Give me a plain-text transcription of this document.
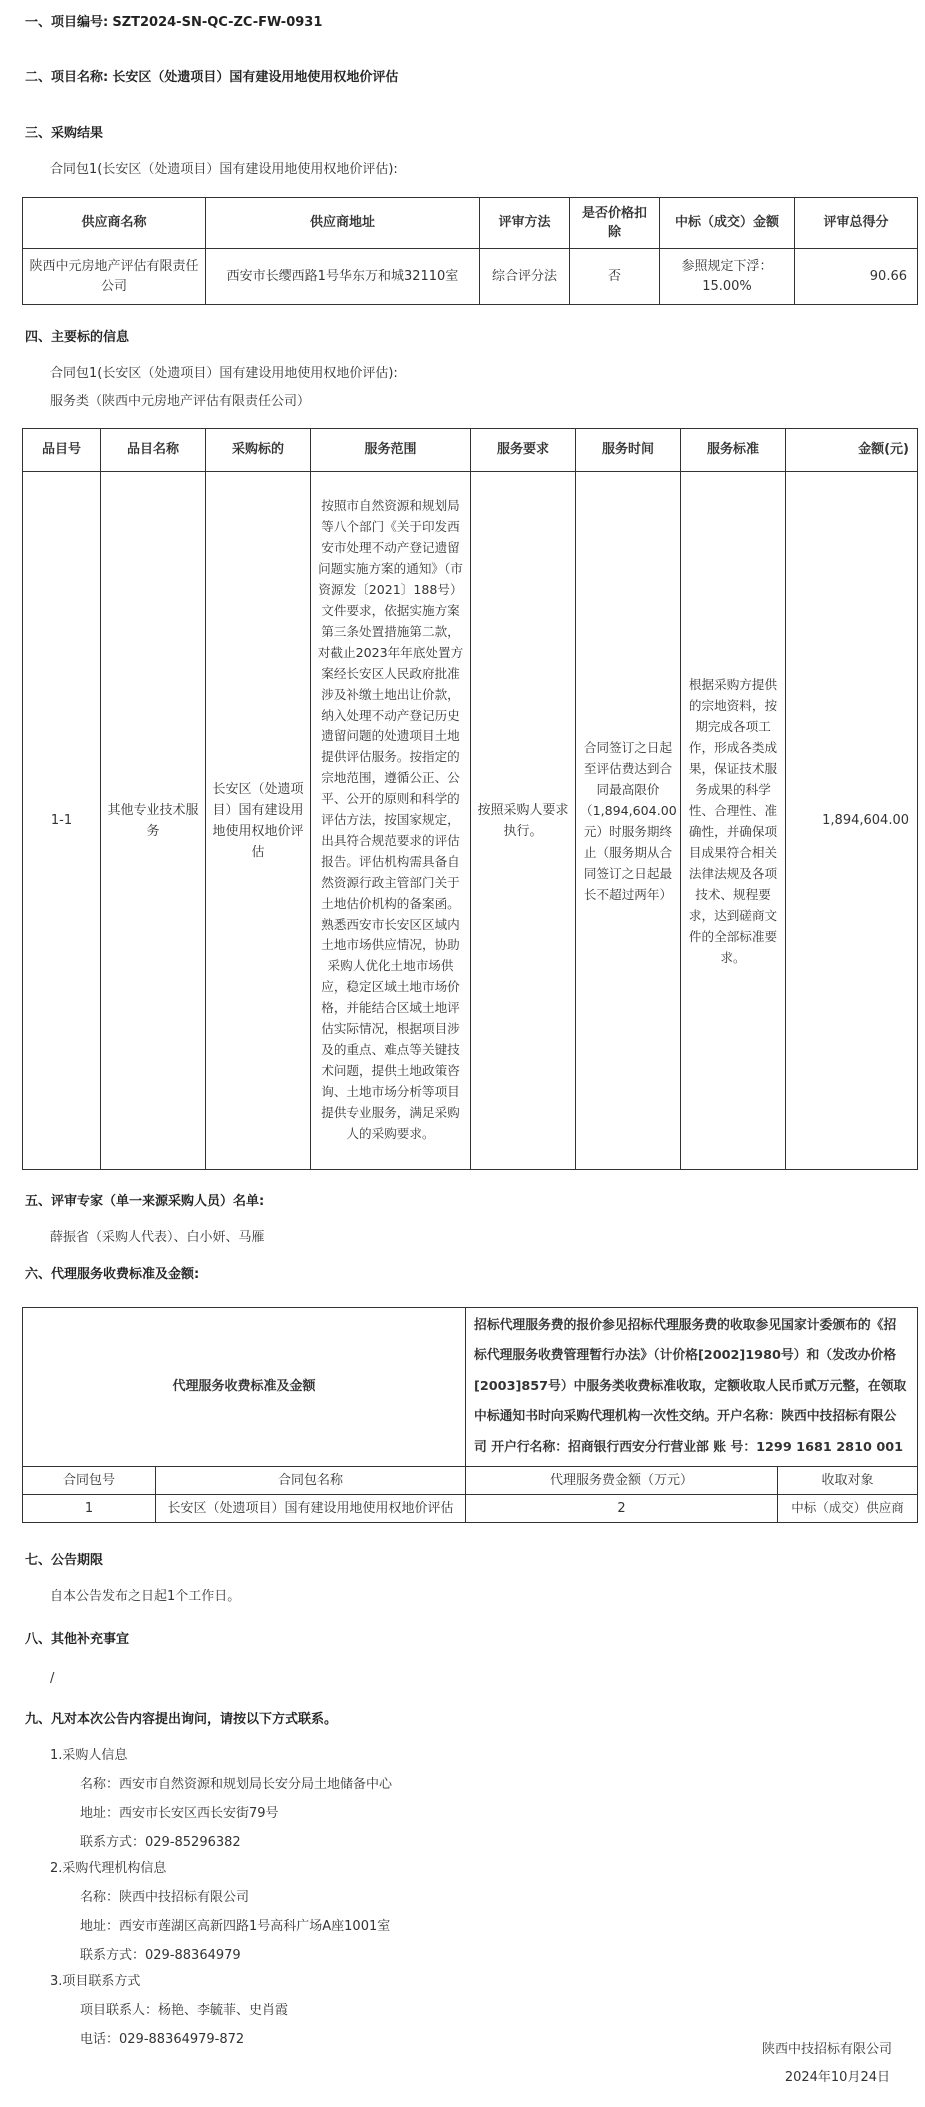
一、项目编号: SZT2024-SN-QC-ZC-FW-0931
二、项目名称: 长安区（处遗项目）国有建设用地使用权地价评估
三、采购结果
合同包1(长安区（处遗项目）国有建设用地使用权地价评估):
供应商名称	供应商地址	评审方法	是否价格扣除	中标（成交）金额	评审总得分
陕西中元房地产评估有限责任公司	西安市长缨西路1号华东万和城32110室	综合评分法	否	参照规定下浮：15.00%	90.66
四、主要标的信息
合同包1(长安区（处遗项目）国有建设用地使用权地价评估):
服务类（陕西中元房地产评估有限责任公司）
品目号	品目名称	采购标的	服务范围	服务要求	服务时间	服务标准	金额(元)
1-1	其他专业技术服务	长安区（处遗项目）国有建设用地使用权地价评估	按照市自然资源和规划局等八个部门《关于印发西安市处理不动产登记遗留问题实施方案的通知》（市资源发〔2021〕188号）文件要求，依据实施方案第三条处置措施第二款，对截止2023年年底处置方案经长安区人民政府批准涉及补缴土地出让价款，纳入处理不动产登记历史遗留问题的处遗项目土地提供评估服务。按指定的宗地范围，遵循公正、公平、公开的原则和科学的评估方法，按国家规定，出具符合规范要求的评估报告。评估机构需具备自然资源行政主管部门关于土地估价机构的备案函。熟悉西安市长安区区域内土地市场供应情况，协助采购人优化土地市场供应，稳定区域土地市场价格，并能结合区域土地评估实际情况，根据项目涉及的重点、难点等关键技术问题，提供土地政策咨询、土地市场分析等项目提供专业服务，满足采购人的采购要求。	按照采购人要求执行。	合同签订之日起至评估费达到合同最高限价（1,894,604.00元）时服务期终止（服务期从合同签订之日起最长不超过两年）	根据采购方提供的宗地资料，按期完成各项工作，形成各类成果，保证技术服务成果的科学性、合理性、准确性，并确保项目成果符合相关法律法规及各项技术、规程要求，达到磋商文件的全部标准要求。	1,894,604.00
五、评审专家（单一来源采购人员）名单:
薛振省（采购人代表）、白小妍、马雁
六、代理服务收费标准及金额:
代理服务收费标准及金额		招标代理服务费的报价参见招标代理服务费的收取参见国家计委颁布的《招标代理服务收费管理暂行办法》（计价格[2002]1980号）和（发改办价格[2003]857号）中服务类收费标准收取，定额收取人民币贰万元整，在领取中标通知书时向采购代理机构一次性交纳。开户名称：陕西中技招标有限公司 开户行名称：招商银行西安分行营业部 账 号：1299 1681 2810 001	
合同包号	合同包名称	代理服务费金额（万元）	收取对象
1	长安区（处遗项目）国有建设用地使用权地价评估	2	中标（成交）供应商
七、公告期限
自本公告发布之日起1个工作日。
八、其他补充事宜
/
九、凡对本次公告内容提出询问，请按以下方式联系。
1.采购人信息
名称：西安市自然资源和规划局长安分局土地储备中心
地址：西安市长安区西长安街79号
联系方式：029-85296382
2.采购代理机构信息
名称：陕西中技招标有限公司
地址：西安市莲湖区高新四路1号高科广场A座1001室
联系方式：029-88364979
3.项目联系方式
项目联系人：杨艳、李毓菲、史肖霞
电话：029-88364979-872
陕西中技招标有限公司
2024年10月24日
